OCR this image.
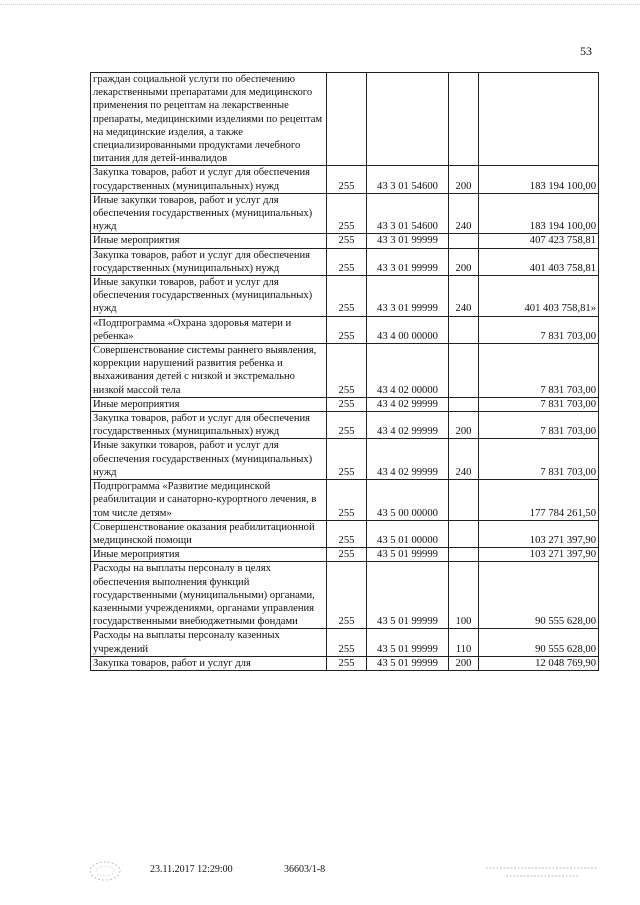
53
граждан социальной услуги по обеспечению лекарственными препаратами для медицинского применения по рецептам на лекарственные препараты, медицинскими изделиями по рецептам на медицинские изделия, а также специализированными продуктами лечебного питания для детей-инвалидов				
Закупка товаров, работ и услуг для обеспечения государственных (муниципальных) нужд	255	43 3 01 54600	200	183 194 100,00
Иные закупки товаров, работ и услуг для обеспечения государственных (муниципальных) нужд	255	43 3 01 54600	240	183 194 100,00
Иные мероприятия	255	43 3 01 99999		407 423 758,81
Закупка товаров, работ и услуг для обеспечения государственных (муниципальных) нужд	255	43 3 01 99999	200	401 403 758,81
Иные закупки товаров, работ и услуг для обеспечения государственных (муниципальных) нужд	255	43 3 01 99999	240	401 403 758,81»
«Подпрограмма «Охрана здоровья матери и ребенка»	255	43 4 00 00000		7 831 703,00
Совершенствование системы раннего выявления, коррекции нарушений развития ребенка и выхаживания детей с низкой и экстремально низкой массой тела	255	43 4 02 00000		7 831 703,00
Иные мероприятия	255	43 4 02 99999		7 831 703,00
Закупка товаров, работ и услуг для обеспечения государственных (муниципальных) нужд	255	43 4 02 99999	200	7 831 703,00
Иные закупки товаров, работ и услуг для обеспечения государственных (муниципальных) нужд	255	43 4 02 99999	240	7 831 703,00
Подпрограмма «Развитие медицинской реабилитации и санаторно-курортного лечения, в том числе детям»	255	43 5 00 00000		177 784 261,50
Совершенствование оказания реабилитационной медицинской помощи	255	43 5 01 00000		103 271 397,90
Иные мероприятия	255	43 5 01 99999		103 271 397,90
Расходы на выплаты персоналу в целях обеспечения выполнения функций государственными (муниципальными) органами, казенными учреждениями, органами управления государственными внебюджетными фондами	255	43 5 01 99999	100	90 555 628,00
Расходы на выплаты персоналу казенных учреждений	255	43 5 01 99999	110	90 555 628,00
Закупка товаров, работ и услуг для	255	43 5 01 99999	200	12 048 769,90
23.11.2017 12:29:00	36603/1-8
